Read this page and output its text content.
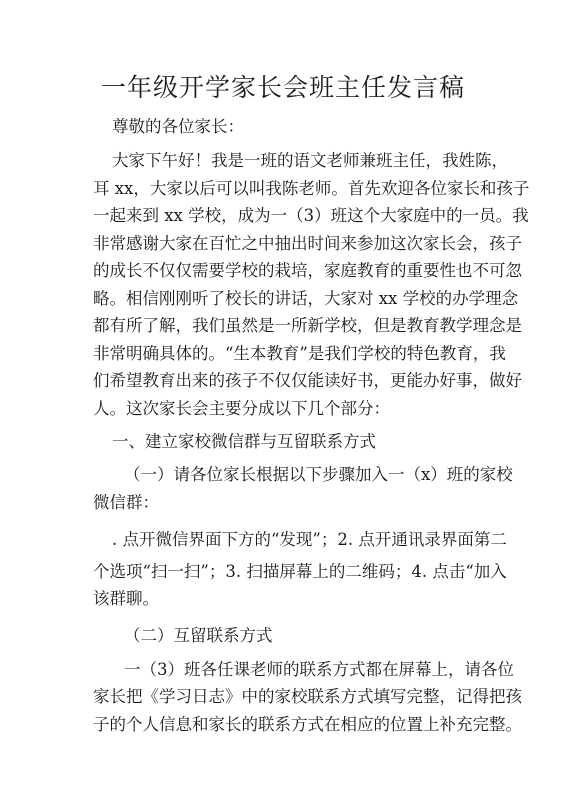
一年级开学家长会班主任发言稿

尊敬的各位家长：

大家下午好！我是一班的语文老师兼班主任，我姓陈，

耳 xx，大家以后可以叫我陈老师。首先欢迎各位家长和孩子

一起来到 xx 学校，成为一（3）班这个大家庭中的一员。我

非常感谢大家在百忙之中抽出时间来参加这次家长会，孩子

的成长不仅仅需要学校的栽培，家庭教育的重要性也不可忽

略。相信刚刚听了校长的讲话，大家对 xx 学校的办学理念

都有所了解，我们虽然是一所新学校，但是教育教学理念是

非常明确具体的。“生本教育”是我们学校的特色教育，我

们希望教育出来的孩子不仅仅能读好书，更能办好事，做好

人。这次家长会主要分成以下几个部分：

一、建立家校微信群与互留联系方式

（一）请各位家长根据以下步骤加入一（x）班的家校

微信群：

. 点开微信界面下方的“发现”；2. 点开通讯录界面第二

个选项“扫一扫”；3. 扫描屏幕上的二维码；4. 点击“加入

该群聊。

（二）互留联系方式

一（3）班各任课老师的联系方式都在屏幕上，请各位

家长把《学习日志》中的家校联系方式填写完整，记得把孩

子的个人信息和家长的联系方式在相应的位置上补充完整。
